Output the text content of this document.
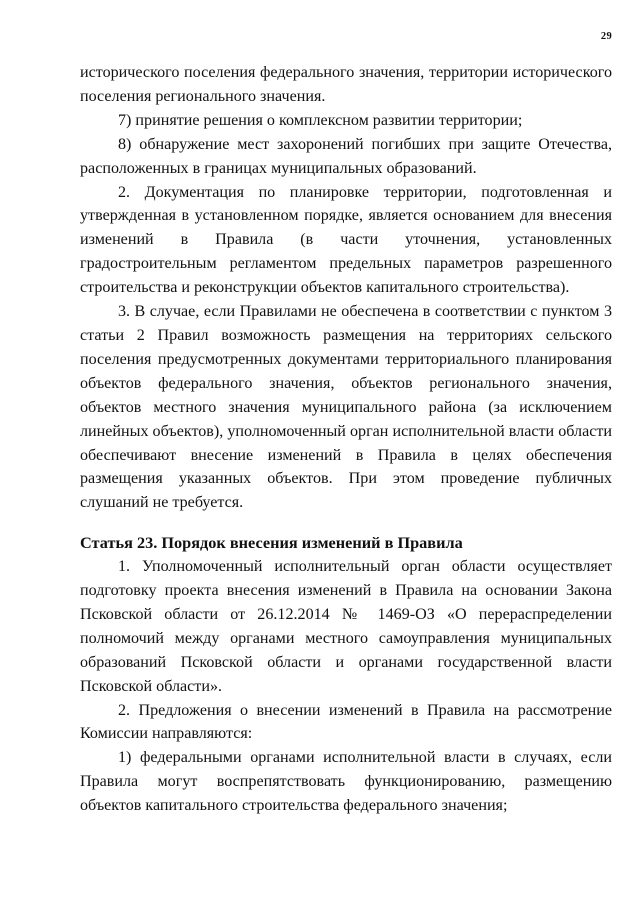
29

исторического поселения федерального значения, территории исторического поселения регионального значения.

7) принятие решения о комплексном развитии территории;

8) обнаружение мест захоронений погибших при защите Отечества, расположенных в границах муниципальных образований.

2. Документация по планировке территории, подготовленная и утвержденная в установленном порядке, является основанием для внесения изменений в Правила (в части уточнения, установленных градостроительным регламентом предельных параметров разрешенного строительства и реконструкции объектов капитального строительства).

3. В случае, если Правилами не обеспечена в соответствии с пунктом 3 статьи 2 Правил возможность размещения на территориях сельского поселения предусмотренных документами территориального планирования объектов федерального значения, объектов регионального значения, объектов местного значения муниципального района (за исключением линейных объектов), уполномоченный орган исполнительной власти области обеспечивают внесение изменений в Правила в целях обеспечения размещения указанных объектов. При этом проведение публичных слушаний не требуется.

Статья 23. Порядок внесения изменений в Правила

1. Уполномоченный исполнительный орган области осуществляет подготовку проекта внесения изменений в Правила на основании Закона Псковской области от 26.12.2014 № 1469-ОЗ «О перераспределении полномочий между органами местного самоуправления муниципальных образований Псковской области и органами государственной власти Псковской области».

2. Предложения о внесении изменений в Правила на рассмотрение Комиссии направляются:

1) федеральными органами исполнительной власти в случаях, если Правила могут воспрепятствовать функционированию, размещению объектов капитального строительства федерального значения;
